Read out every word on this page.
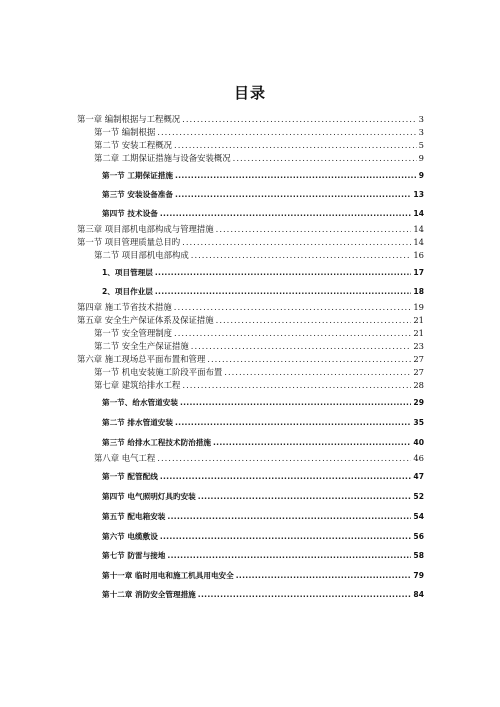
目录
第一章 编制根据与工程概况 .....	3
第一节 编制根据 .....	3
第二节 安装工程概况 .....	5
第二章 工期保证措施与设备安装概况 .....	9
第一节 工期保证措施 .....	9
第三节 安装设备准备 .....	13
第四节 技术设备 .....	14
第三章 项目部机电部构成与管理措施 .....	14
第一节 项目管理质量总目旳 .....	14
第二节 项目部机电部构成 .....	16
1、项目管理层 .....	17
2、项目作业层 .....	18
第四章 施工节省技术措施 .....	19
第五章 安全生产保证体系及保证措施 .....	21
第一节 安全管理制度 .....	21
第二节 安全生产保证措施 .....	23
第六章 施工现场总平面布置和管理 .....	27
第一节 机电安装施工阶段平面布置 .....	27
第七章 建筑给排水工程 .....	28
第一节、给水管道安装 .....	29
第二节 排水管道安装 .....	35
第三节 给排水工程技术防治措施 .....	40
第八章 电气工程 .....	46
第一节 配管配线 .....	47
第四节 电气照明灯具旳安装 .....	52
第五节 配电箱安装 .....	54
第六节 电缆敷设 .....	56
第七节 防雷与接地 .....	58
第十一章 临时用电和施工机具用电安全 .....	79
第十二章 消防安全管理措施 .....	84
